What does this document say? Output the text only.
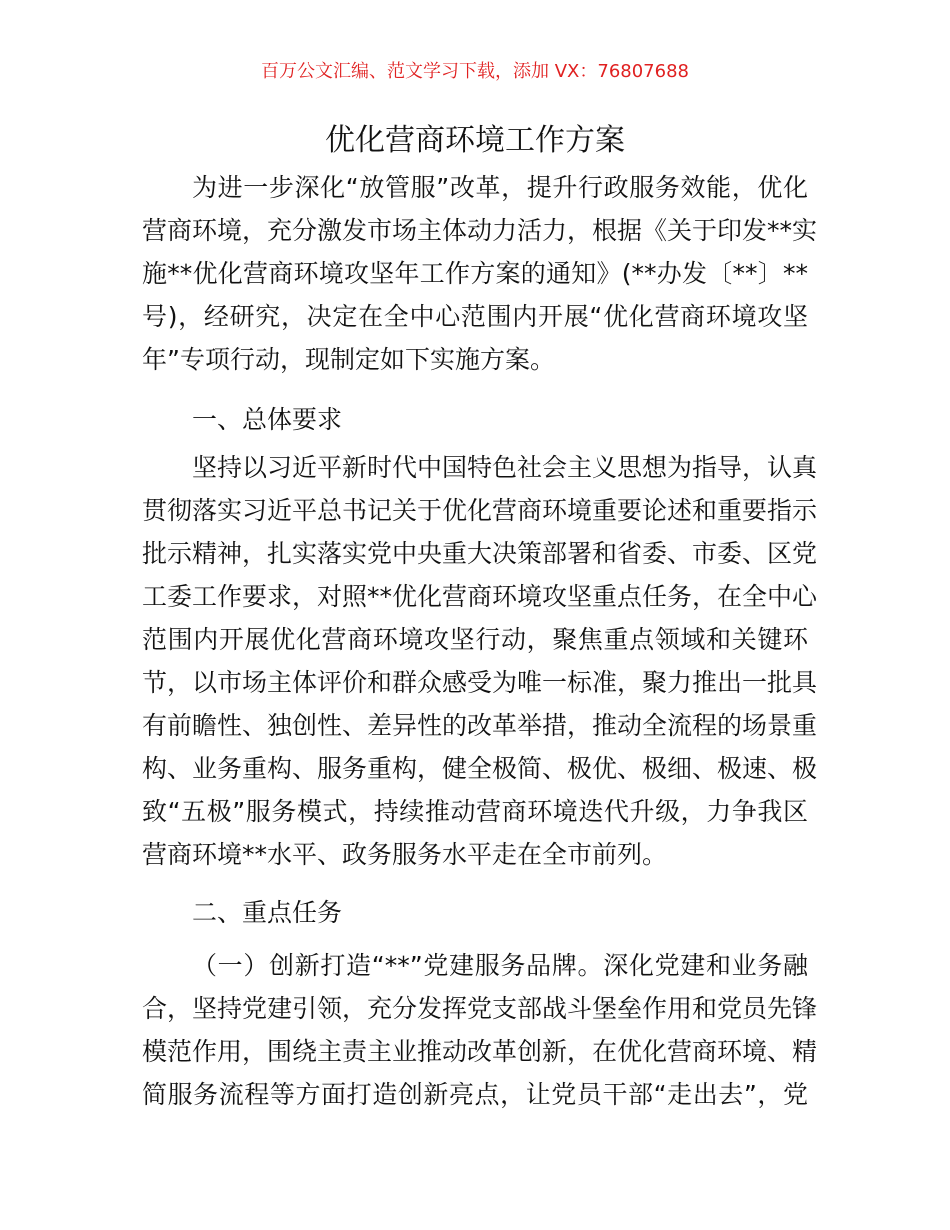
百万公文汇编、范文学习下载，添加 VX：76807688
优化营商环境工作方案
为进一步深化“放管服”改革，提升行政服务效能，优化
营商环境，充分激发市场主体动力活力，根据《关于印发**实
施**优化营商环境攻坚年工作方案的通知》(**办发〔**〕**
号)，经研究，决定在全中心范围内开展“优化营商环境攻坚
年”专项行动，现制定如下实施方案。
一、总体要求
坚持以习近平新时代中国特色社会主义思想为指导，认真
贯彻落实习近平总书记关于优化营商环境重要论述和重要指示
批示精神，扎实落实党中央重大决策部署和省委、市委、区党
工委工作要求，对照**优化营商环境攻坚重点任务，在全中心
范围内开展优化营商环境攻坚行动，聚焦重点领域和关键环
节，以市场主体评价和群众感受为唯一标准，聚力推出一批具
有前瞻性、独创性、差异性的改革举措，推动全流程的场景重
构、业务重构、服务重构，健全极简、极优、极细、极速、极
致“五极”服务模式，持续推动营商环境迭代升级，力争我区
营商环境**水平、政务服务水平走在全市前列。
二、重点任务
（一）创新打造“**”党建服务品牌。深化党建和业务融
合，坚持党建引领，充分发挥党支部战斗堡垒作用和党员先锋
模范作用，围绕主责主业推动改革创新，在优化营商环境、精
简服务流程等方面打造创新亮点，让党员干部“走出去”，党
